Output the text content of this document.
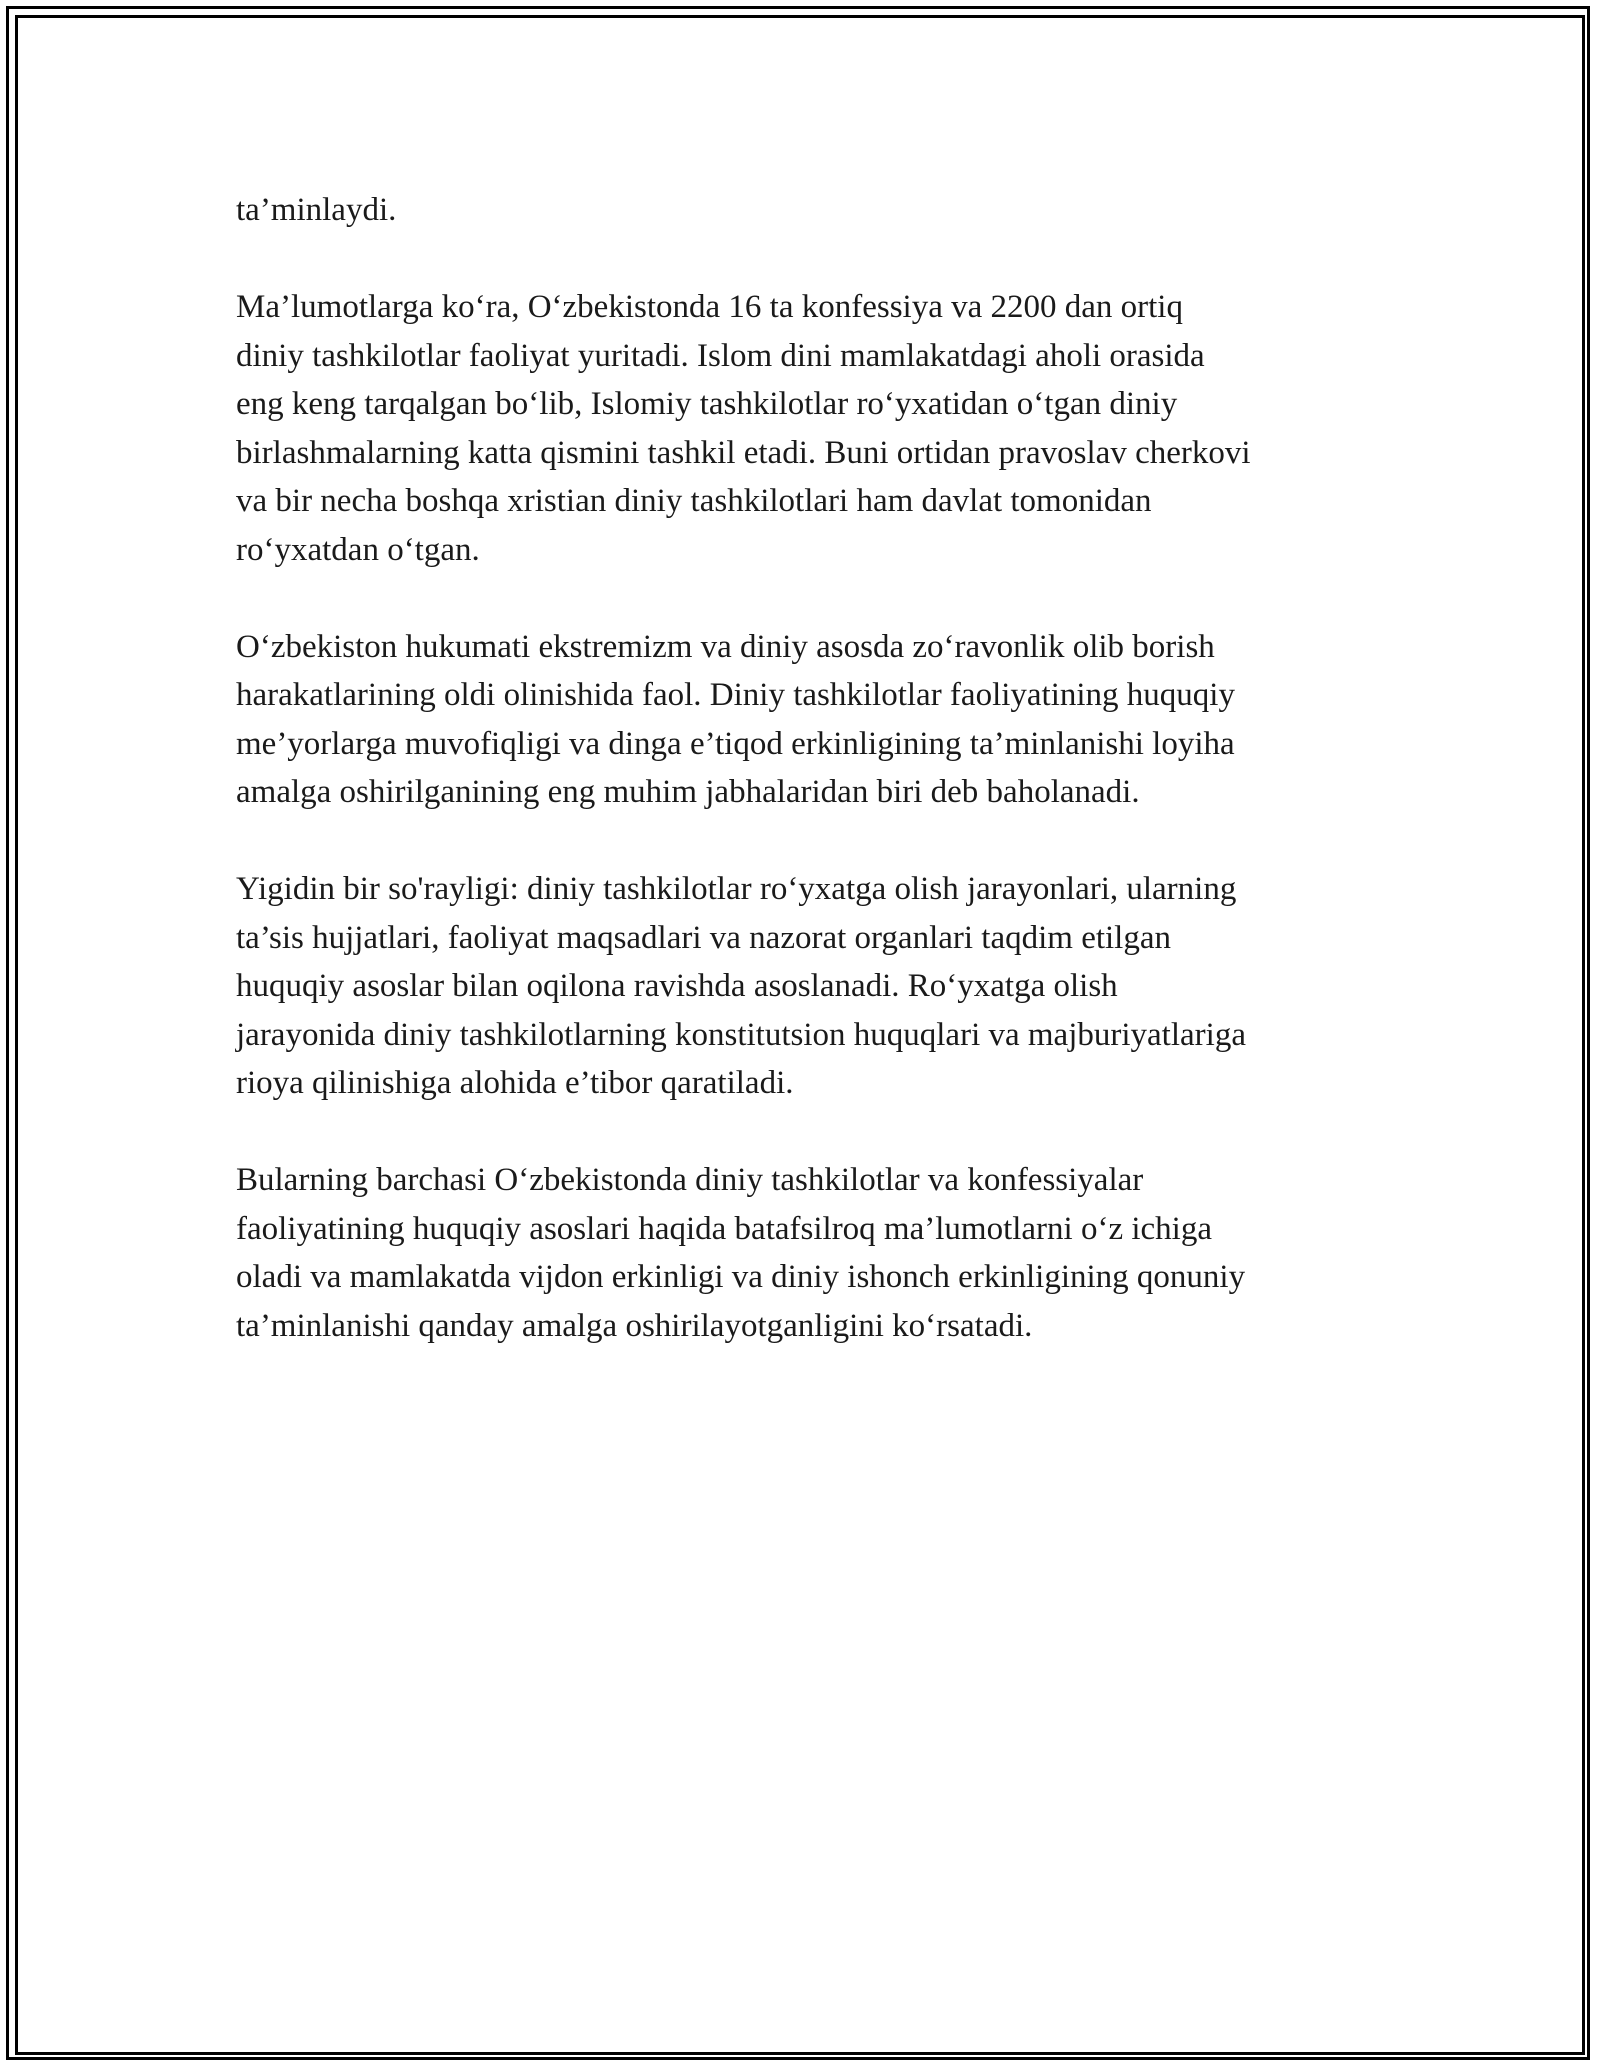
ta’minlaydi.

Ma’lumotlarga ko‘ra, O‘zbekistonda 16 ta konfessiya va 2200 dan ortiq
diniy tashkilotlar faoliyat yuritadi. Islom dini mamlakatdagi aholi orasida
eng keng tarqalgan bo‘lib, Islomiy tashkilotlar ro‘yxatidan o‘tgan diniy
birlashmalarning katta qismini tashkil etadi. Buni ortidan pravoslav cherkovi
va bir necha boshqa xristian diniy tashkilotlari ham davlat tomonidan
ro‘yxatdan o‘tgan.

O‘zbekiston hukumati ekstremizm va diniy asosda zo‘ravonlik olib borish
harakatlarining oldi olinishida faol. Diniy tashkilotlar faoliyatining huquqiy
me’yorlarga muvofiqligi va dinga e’tiqod erkinligining ta’minlanishi loyiha
amalga oshirilganining eng muhim jabhalaridan biri deb baholanadi.

Yigidin bir so'rayligi: diniy tashkilotlar ro‘yxatga olish jarayonlari, ularning
ta’sis hujjatlari, faoliyat maqsadlari va nazorat organlari taqdim etilgan
huquqiy asoslar bilan oqilona ravishda asoslanadi. Ro‘yxatga olish
jarayonida diniy tashkilotlarning konstitutsion huquqlari va majburiyatlariga
rioya qilinishiga alohida e’tibor qaratiladi.

Bularning barchasi O‘zbekistonda diniy tashkilotlar va konfessiyalar
faoliyatining huquqiy asoslari haqida batafsilroq ma’lumotlarni o‘z ichiga
oladi va mamlakatda vijdon erkinligi va diniy ishonch erkinligining qonuniy
ta’minlanishi qanday amalga oshirilayotganligini ko‘rsatadi.
